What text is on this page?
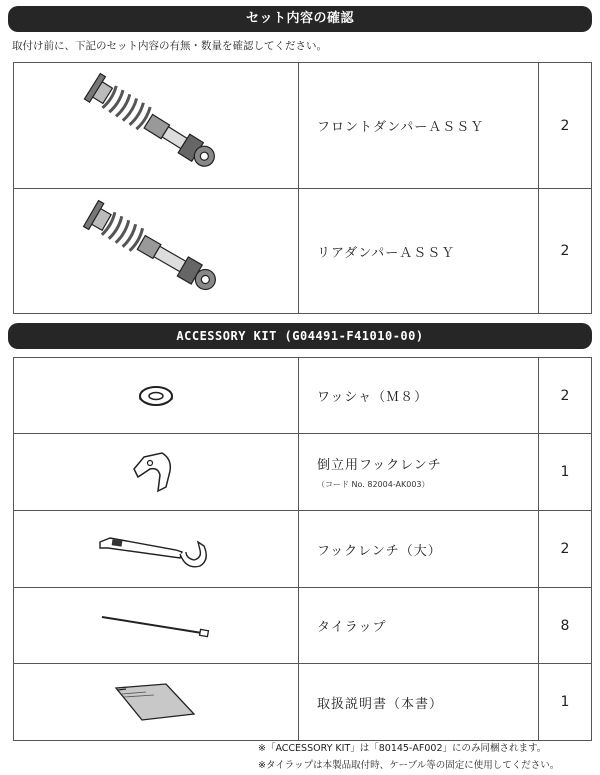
セット内容の確認
取付け前に、下記のセット内容の有無・数量を確認してください。
	フロントダンパーＡＳＳＹ	2

	リアダンパーＡＳＳＹ	2
ACCESSORY KIT (G04491-F41010-00)
	ワッシャ（Ｍ８）	2

	倒立用フックレンチ
（コード No. 82004-AK003）	1

	フックレンチ（大）	2

	タイラップ	8

	取扱説明書（本書）	1
※「ACCESSORY KIT」は「80145-AF002」にのみ同梱されます。
※タイラップは本製品取付時、ケーブル等の固定に使用してください。
